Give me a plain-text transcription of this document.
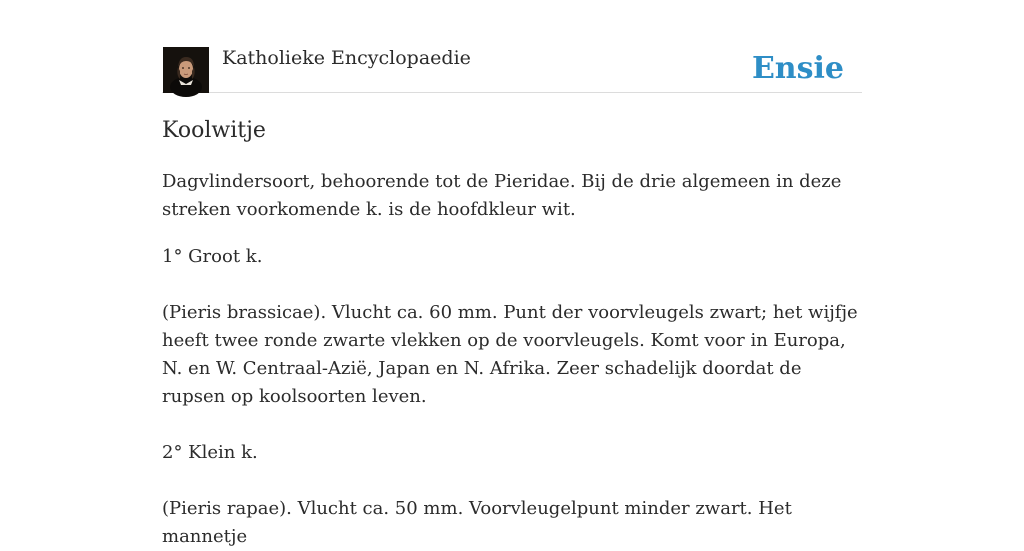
Katholieke Encyclopaedie	Ensie
Koolwitje

Dagvlindersoort, behoorende tot de Pieridae. Bij de drie algemeen in deze streken voorkomende k. is de hoofdkleur wit.

1° Groot k.

(Pieris brassicae). Vlucht ca. 60 mm. Punt der voorvleugels zwart; het wijfje heeft twee ronde zwarte vlekken op de voorvleugels. Komt voor in Europa, N. en W. Centraal-Azië, Japan en N. Afrika. Zeer schadelijk doordat de rupsen op koolsoorten leven.

2° Klein k.

(Pieris rapae). Vlucht ca. 50 mm. Voorvleugelpunt minder zwart. Het mannetje
